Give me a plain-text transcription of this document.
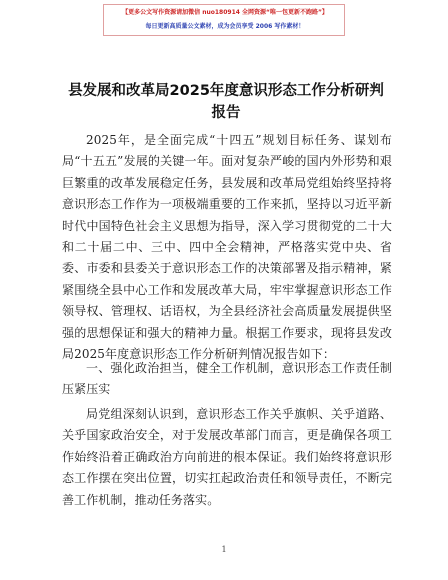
【更多公文写作资源请加微信 nuo180914 全网资源“唯一包更新不跑路”】
每日更新高质量公文素材，成为会员享受 2006 写作素材！
县发展和改革局2025年度意识形态工作分析研判报告
2025年，是全面完成“十四五”规划目标任务、谋划布局“十五五”发展的关键一年。面对复杂严峻的国内外形势和艰巨繁重的改革发展稳定任务，县发展和改革局党组始终坚持将意识形态工作作为一项极端重要的工作来抓，坚持以习近平新时代中国特色社会主义思想为指导，深入学习贯彻党的二十大和二十届二中、三中、四中全会精神，严格落实党中央、省委、市委和县委关于意识形态工作的决策部署及指示精神，紧紧围绕全县中心工作和发展改革大局，牢牢掌握意识形态工作领导权、管理权、话语权，为全县经济社会高质量发展提供坚强的思想保证和强大的精神力量。根据工作要求，现将县发改局2025年度意识形态工作分析研判情况报告如下：
一、强化政治担当，健全工作机制，意识形态工作责任制压紧压实
局党组深刻认识到，意识形态工作关乎旗帜、关乎道路、关乎国家政治安全，对于发展改革部门而言，更是确保各项工作始终沿着正确政治方向前进的根本保证。我们始终将意识形态工作摆在突出位置，切实扛起政治责任和领导责任，不断完善工作机制，推动任务落实。
1
